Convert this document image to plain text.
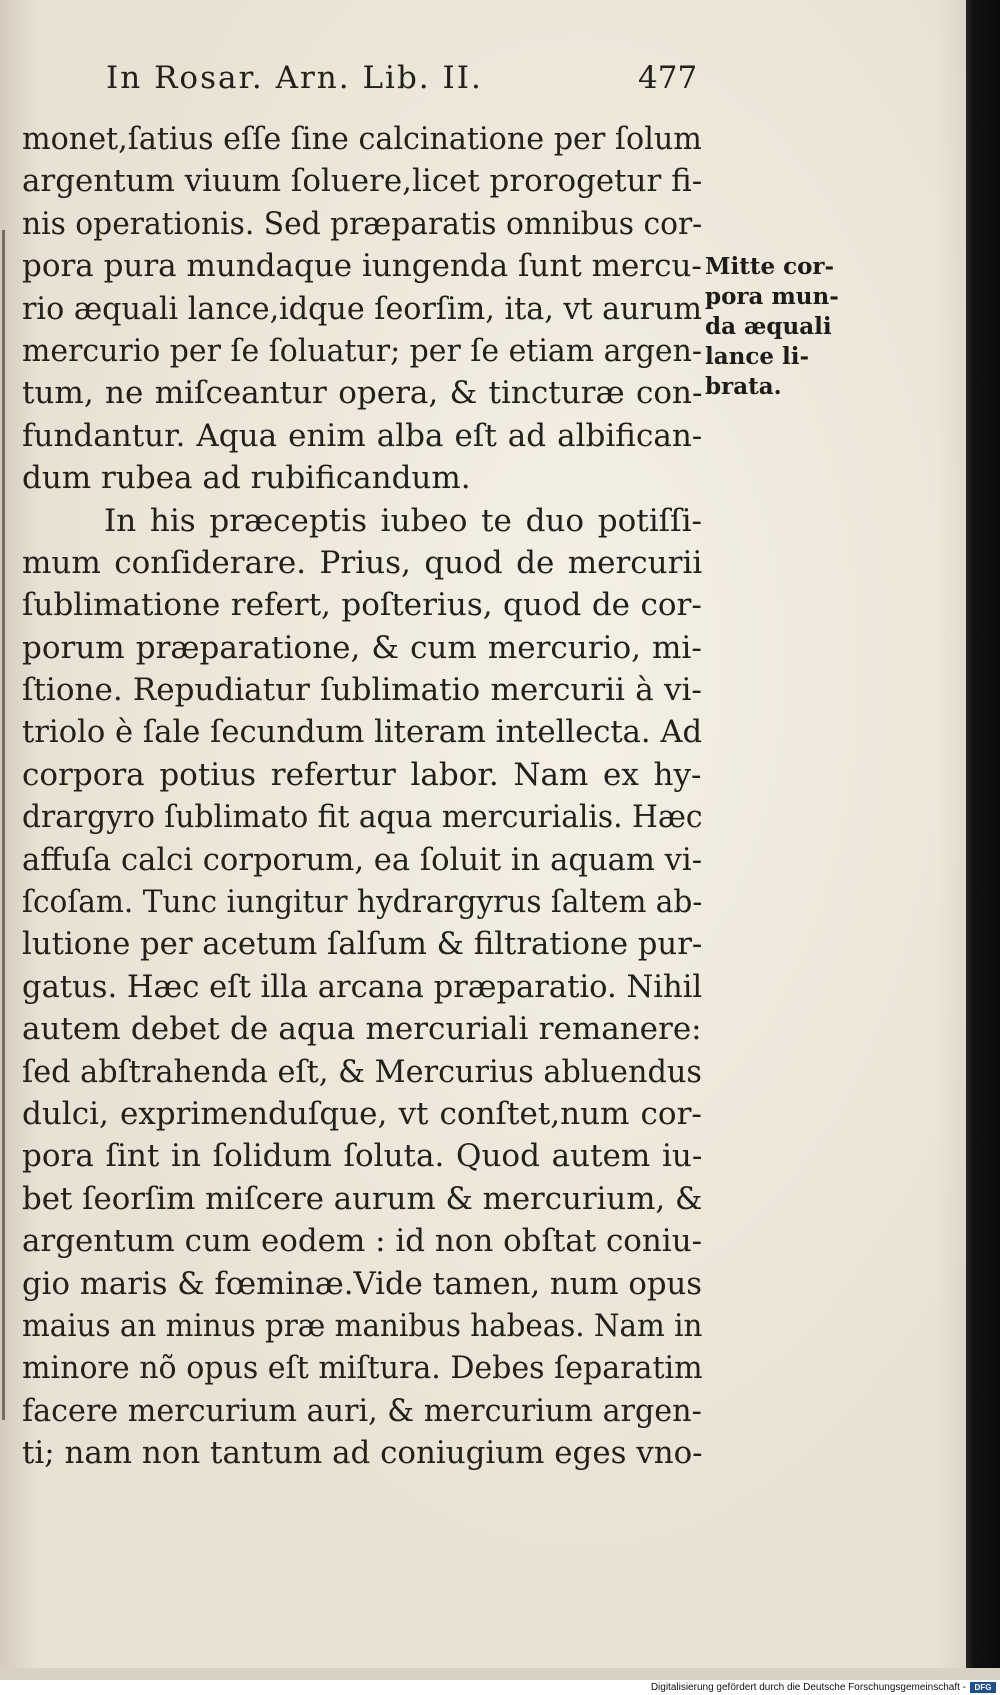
In Rosar. Arn. Lib. II.	477
monet,ſatius eſſe ſine calcinatione per ſolum
argentum viuum ſoluere,licet prorogetur fi-
nis operationis. Sed præparatis omnibus cor-
pora pura mundaque iungenda ſunt mercu-
rio æquali lance,idque ſeorſim, ita, vt aurum
mercurio per ſe ſoluatur; per ſe etiam argen-
tum, ne miſceantur opera, & tincturæ con-
fundantur. Aqua enim alba eſt ad albifican-
dum rubea ad rubificandum.
In his præceptis iubeo te duo potiſſi-
mum conſiderare. Prius, quod de mercurii
ſublimatione refert, poſterius, quod de cor-
porum præparatione, & cum mercurio, mi-
ſtione. Repudiatur ſublimatio mercurii à vi-
triolo è ſale ſecundum literam intellecta. Ad
corpora potius refertur labor. Nam ex hy-
drargyro ſublimato fit aqua mercurialis. Hæc
affuſa calci corporum, ea ſoluit in aquam vi-
ſcoſam. Tunc iungitur hydrargyrus ſaltem ab-
lutione per acetum ſalſum & filtratione pur-
gatus. Hæc eſt illa arcana præparatio. Nihil
autem debet de aqua mercuriali remanere:
ſed abſtrahenda eſt, & Mercurius abluendus
dulci, exprimenduſque, vt conſtet,num cor-
pora ſint in ſolidum ſoluta. Quod autem iu-
bet ſeorſim miſcere aurum & mercurium, &
argentum cum eodem : id non obſtat coniu-
gio maris & fœminæ.Vide tamen, num opus
maius an minus præ manibus habeas. Nam in
minore nõ opus eſt miſtura. Debes ſeparatim
facere mercurium auri, & mercurium argen-
ti; nam non tantum ad coniugium eges vno-
Mitte cor-
pora mun-
da æquali
lance li-
brata.
Digitalisierung gefördert durch die Deutsche Forschungsgemeinschaft -	DFG
